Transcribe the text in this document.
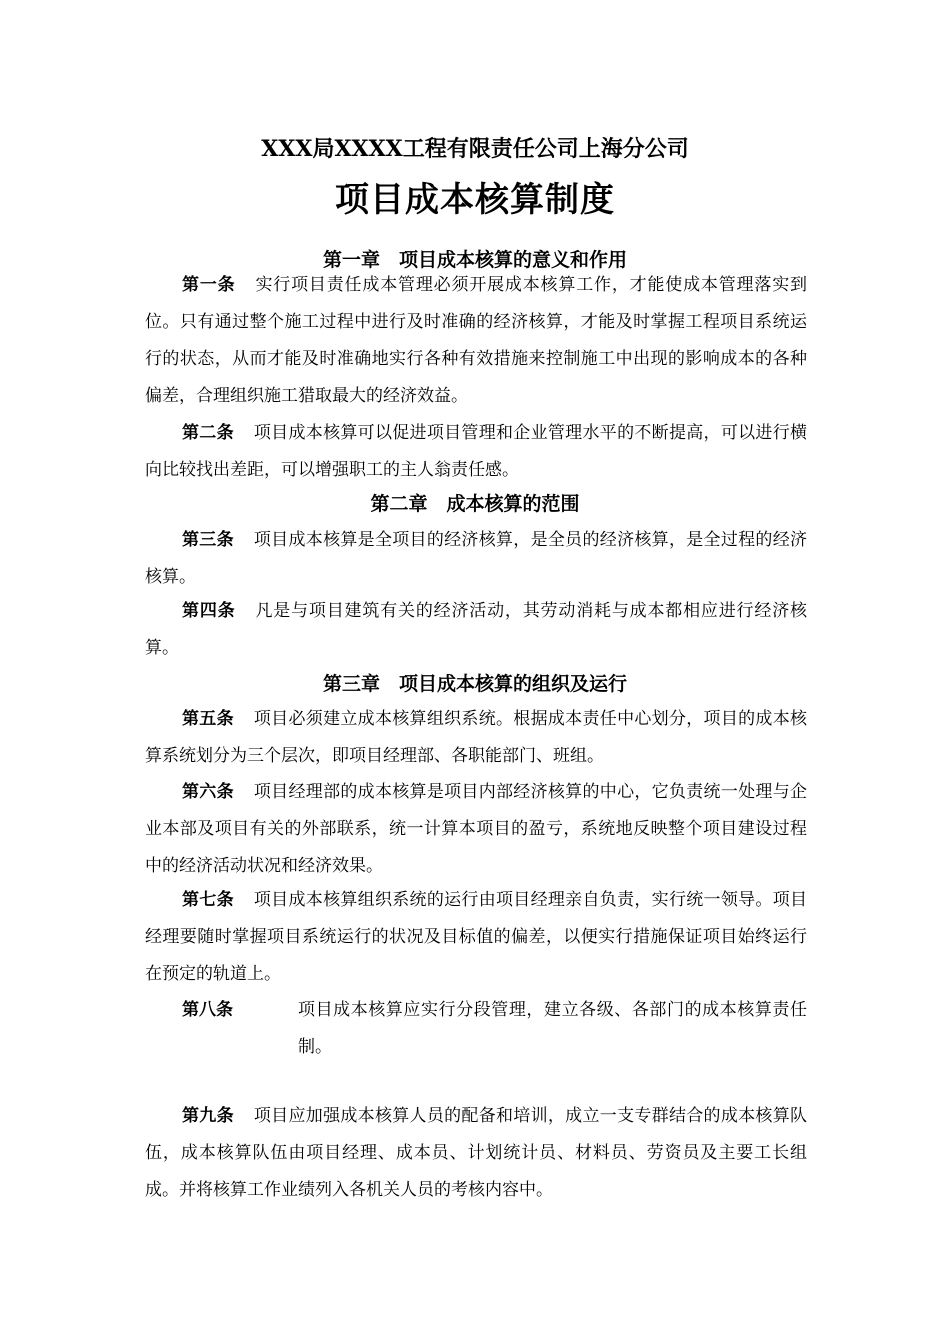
XXX局XXXX工程有限责任公司上海分公司
项目成本核算制度
第一章　项目成本核算的意义和作用
第一条 实行项目责任成本管理必须开展成本核算工作，才能使成本管理落实到位。只有通过整个施工过程中进行及时准确的经济核算，才能及时掌握工程项目系统运行的状态，从而才能及时准确地实行各种有效措施来控制施工中出现的影响成本的各种偏差，合理组织施工猎取最大的经济效益。
第二条 项目成本核算可以促进项目管理和企业管理水平的不断提高，可以进行横向比较找出差距，可以增强职工的主人翁责任感。
第二章　成本核算的范围
第三条 项目成本核算是全项目的经济核算，是全员的经济核算，是全过程的经济核算。
第四条 凡是与项目建筑有关的经济活动，其劳动消耗与成本都相应进行经济核算。
第三章　项目成本核算的组织及运行
第五条 项目必须建立成本核算组织系统。根据成本责任中心划分，项目的成本核算系统划分为三个层次，即项目经理部、各职能部门、班组。
第六条 项目经理部的成本核算是项目内部经济核算的中心，它负责统一处理与企业本部及项目有关的外部联系，统一计算本项目的盈亏，系统地反映整个项目建设过程中的经济活动状况和经济效果。
第七条 项目成本核算组织系统的运行由项目经理亲自负责，实行统一领导。项目经理要随时掌握项目系统运行的状况及目标值的偏差，以便实行措施保证项目始终运行在预定的轨道上。
第八条	项目成本核算应实行分段管理，建立各级、各部门的成本核算责任制。
第九条 项目应加强成本核算人员的配备和培训，成立一支专群结合的成本核算队伍，成本核算队伍由项目经理、成本员、计划统计员、材料员、劳资员及主要工长组成。并将核算工作业绩列入各机关人员的考核内容中。
